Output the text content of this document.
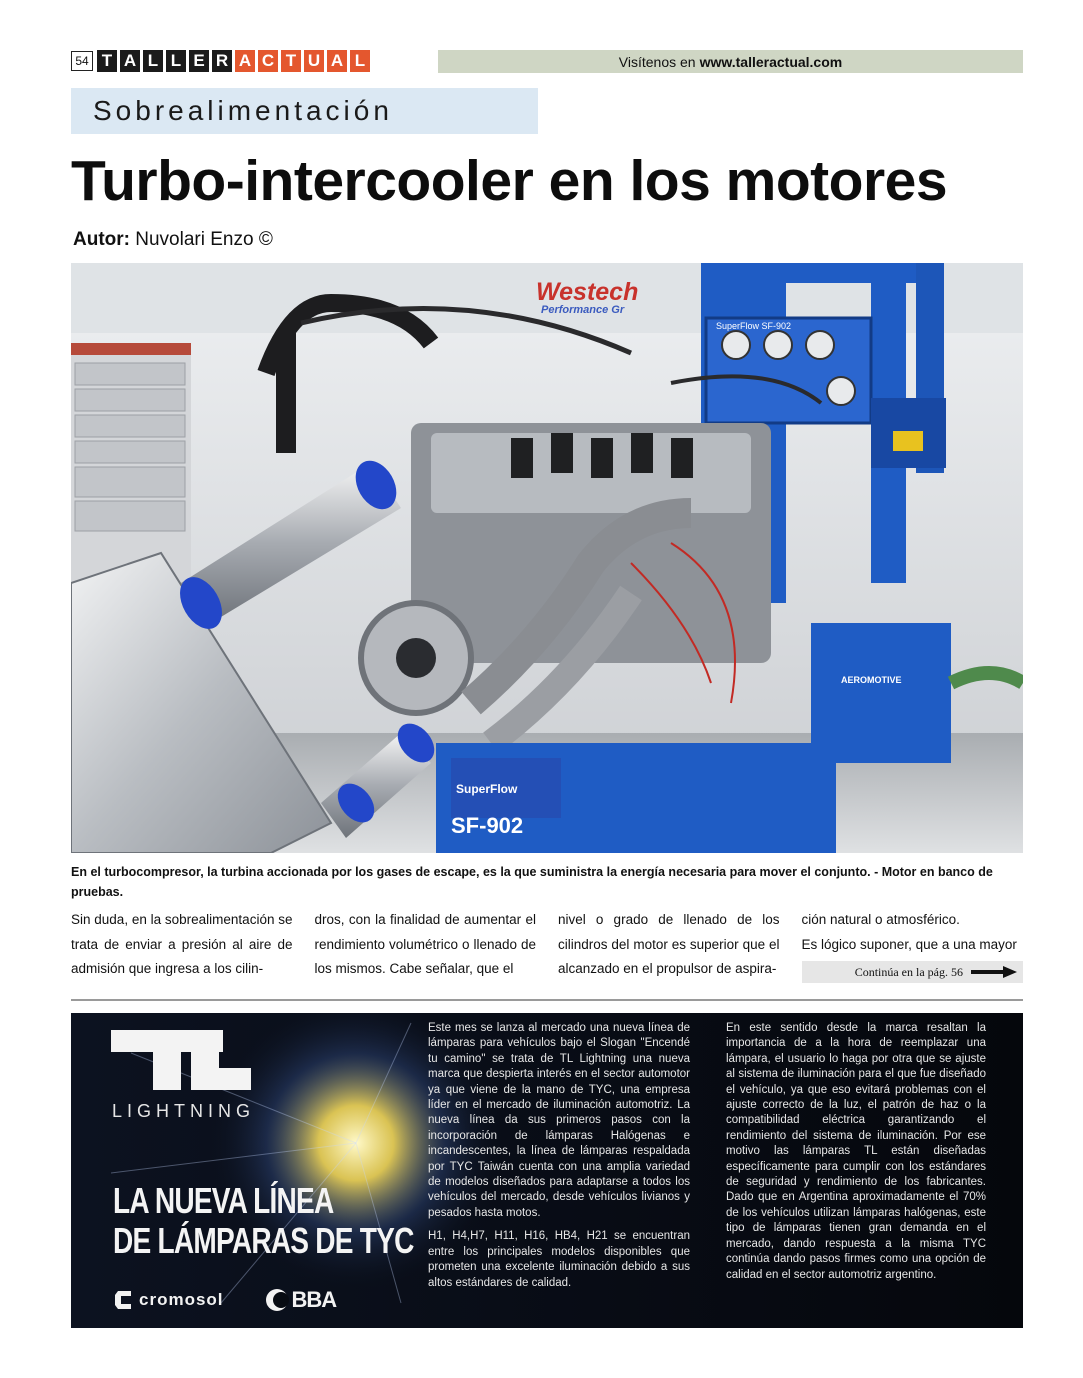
54 T A L L E R A C T U A L	Visítenos en www.talleractual.com
Sobrealimentación
Turbo-intercooler en los motores
Autor: Nuvolari Enzo ©
SuperFlow SF-902
Westech
Performance Gr
SuperFlow
SF-902
AEROMOTIVE
En el turbocompresor, la turbina accionada por los gases de escape, es la que suministra la energía necesaria para mover el conjunto. - Motor en banco de pruebas.

Sin duda, en la sobrealimentación se trata de enviar a presión al aire de admisión que ingresa a los cilin-

dros, con la finalidad de aumentar el rendimiento volumétrico o llenado de los mismos. Cabe señalar, que el

nivel o grado de llenado de los cilindros del motor es superior que el alcanzado en el propulsor de aspira-

ción natural o atmosférico.

Es lógico suponer, que a una mayor

Continúa en la pág. 56
LIGHTNING
LA NUEVA LÍNEA
DE LÁMPARAS DE TYC
cromosol	BBA

Este mes se lanza al mercado una nueva línea de lámparas para vehículos bajo el Slogan "Encendé tu camino" se trata de TL Lightning una nueva marca que despierta interés en el sector automotor ya que viene de la mano de TYC, una empresa líder en el mercado de iluminación automotriz. La nueva línea da sus primeros pasos con la incorporación de lámparas Halógenas e incandescentes, la línea de lámparas respaldada por TYC Taiwán cuenta con una amplia variedad de modelos diseñados para adaptarse a todos los vehículos del mercado, desde vehículos livianos y pesados hasta motos.

H1, H4,H7, H11, H16, HB4, H21 se encuentran entre los principales modelos disponibles que prometen una excelente iluminación debido a sus altos estándares de calidad.

En este sentido desde la marca resaltan la importancia de a la hora de reemplazar una lámpara, el usuario lo haga por otra que se ajuste al sistema de iluminación para el que fue diseñado el vehículo, ya que eso evitará problemas con el ajuste correcto de la luz, el patrón de haz o la compatibilidad eléctrica garantizando el rendimiento del sistema de iluminación. Por ese motivo las lámparas TL están diseñadas específicamente para cumplir con los estándares de seguridad y rendimiento de los fabricantes. Dado que en Argentina aproximadamente el 70% de los vehículos utilizan lámparas halógenas, este tipo de lámparas tienen gran demanda en el mercado, dando respuesta a la misma TYC continúa dando pasos firmes como una opción de calidad en el sector automotriz argentino.
